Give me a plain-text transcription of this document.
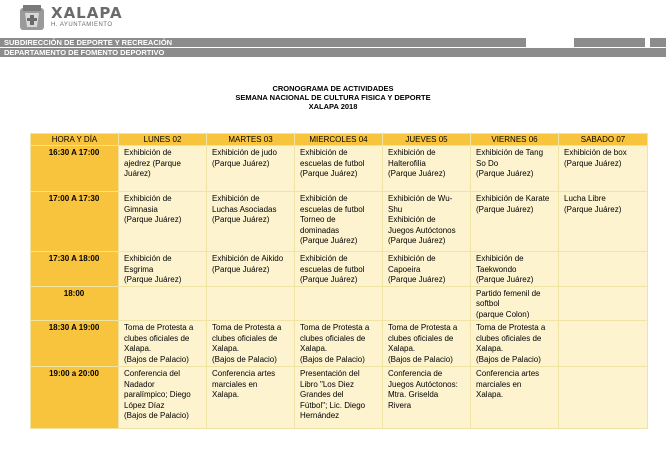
XALAPA
H. AYUNTAMIENTO
SUBDIRECCIÓN DE DEPORTE Y RECREACIÓN
DEPARTAMENTO DE FOMENTO DEPORTIVO
CRONOGRAMA DE ACTIVIDADES
SEMANA NACIONAL DE CULTURA FISICA Y DEPORTE
XALAPA 2018
HORA Y DÍA	LUNES 02	MARTES 03	MIERCOLES 04	JUEVES 05	VIERNES 06	SABADO 07
16:30 A 17:00	Exhibición de
ajedrez (Parque
Juárez)	Exhibición de judo
(Parque Juárez)	Exhibición de
escuelas de futbol
(Parque Juárez)	Exhibición de
Halterofilia
(Parque Juárez)	Exhibición de Tang
So Do
(Parque Juárez)	Exhibición de box
(Parque Juárez)

17:00 A 17:30	Exhibición de
Gimnasia
(Parque Juárez)	Exhibición de
Luchas Asociadas
(Parque Juárez)	Exhibición de
escuelas de futbol
Torneo de
dominadas
(Parque Juárez)	Exhibición de Wu-
Shu
Exhibición de
Juegos Autóctonos
(Parque Juárez)	Exhibición de Karate
(Parque Juárez)	Lucha Libre
(Parque Juárez)

17:30 A 18:00	Exhibición de
Esgrima
(Parque Juárez)	Exhibición de Aikido
(Parque Juárez)	Exhibición de
escuelas de futbol
(Parque Juárez)	Exhibición de
Capoeira
(Parque Juárez)	Exhibición de
Taekwondo
(Parque Juárez)	

18:00					Partido femenil de
softbol
(parque Colon)	

18:30 A 19:00	Toma de Protesta a
clubes oficiales de
Xalapa.
(Bajos de Palacio)	Toma de Protesta a
clubes oficiales de
Xalapa.
(Bajos de Palacio)	Toma de Protesta a
clubes oficiales de
Xalapa.
(Bajos de Palacio)	Toma de Protesta a
clubes oficiales de
Xalapa.
(Bajos de Palacio)	Toma de Protesta a
clubes oficiales de
Xalapa.
(Bajos de Palacio)	

19:00 a 20:00	Conferencia del
Nadador
paralímpico; Diego
López Díaz
(Bajos de Palacio)	Conferencia artes
marciales en
Xalapa.	Presentación del
Libro "Los Diez
Grandes del
Fútbol"; Lic. Diego
Hernández	Conferencia de
Juegos Autóctonos:
Mtra. Griselda
Rivera	Conferencia artes
marciales en
Xalapa.	
